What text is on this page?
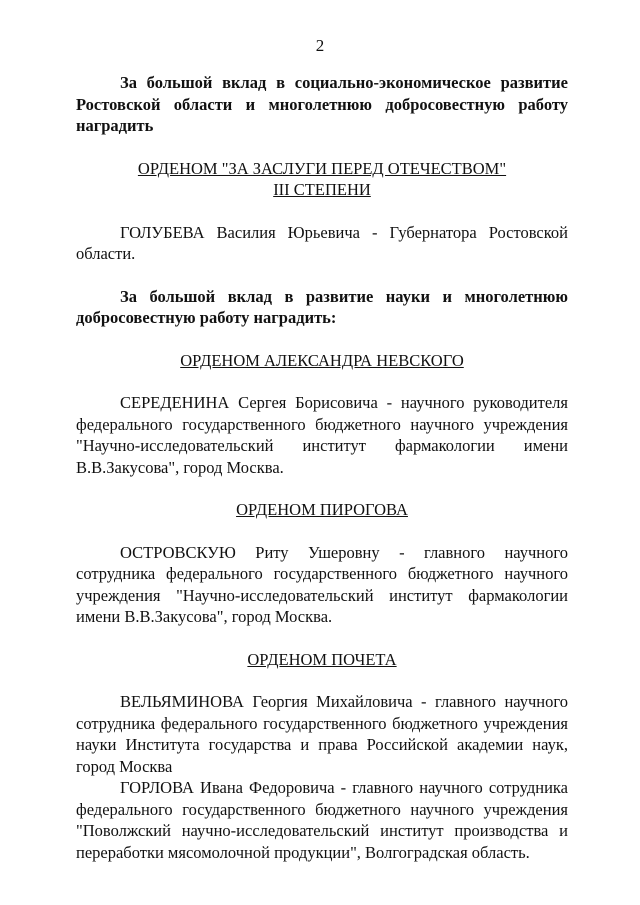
2

За большой вклад в социально-экономическое развитие Ростовской области и многолетнюю добросовестную работу наградить

ОРДЕНОМ "ЗА ЗАСЛУГИ ПЕРЕД ОТЕЧЕСТВОМ"
III СТЕПЕНИ

ГОЛУБЕВА Василия Юрьевича - Губернатора Ростовской области.

За большой вклад в развитие науки и многолетнюю добросовестную работу наградить:

ОРДЕНОМ АЛЕКСАНДРА НЕВСКОГО

СЕРЕДЕНИНА Сергея Борисовича - научного руководителя федерального государственного бюджетного научного учреждения "Научно-исследовательский институт фармакологии имени В.В.Закусова", город Москва.

ОРДЕНОМ ПИРОГОВА

ОСТРОВСКУЮ Риту Ушеровну - главного научного сотрудника федерального государственного бюджетного научного учреждения "Научно-исследовательский институт фармакологии имени В.В.Закусова", город Москва.

ОРДЕНОМ ПОЧЕТА

ВЕЛЬЯМИНОВА Георгия Михайловича - главного научного сотрудника федерального государственного бюджетного учреждения науки Института государства и права Российской академии наук, город Москва

ГОРЛОВА Ивана Федоровича - главного научного сотрудника федерального государственного бюджетного научного учреждения "Поволжский научно-исследовательский институт производства и переработки мясомолочной продукции", Волгоградская область.
